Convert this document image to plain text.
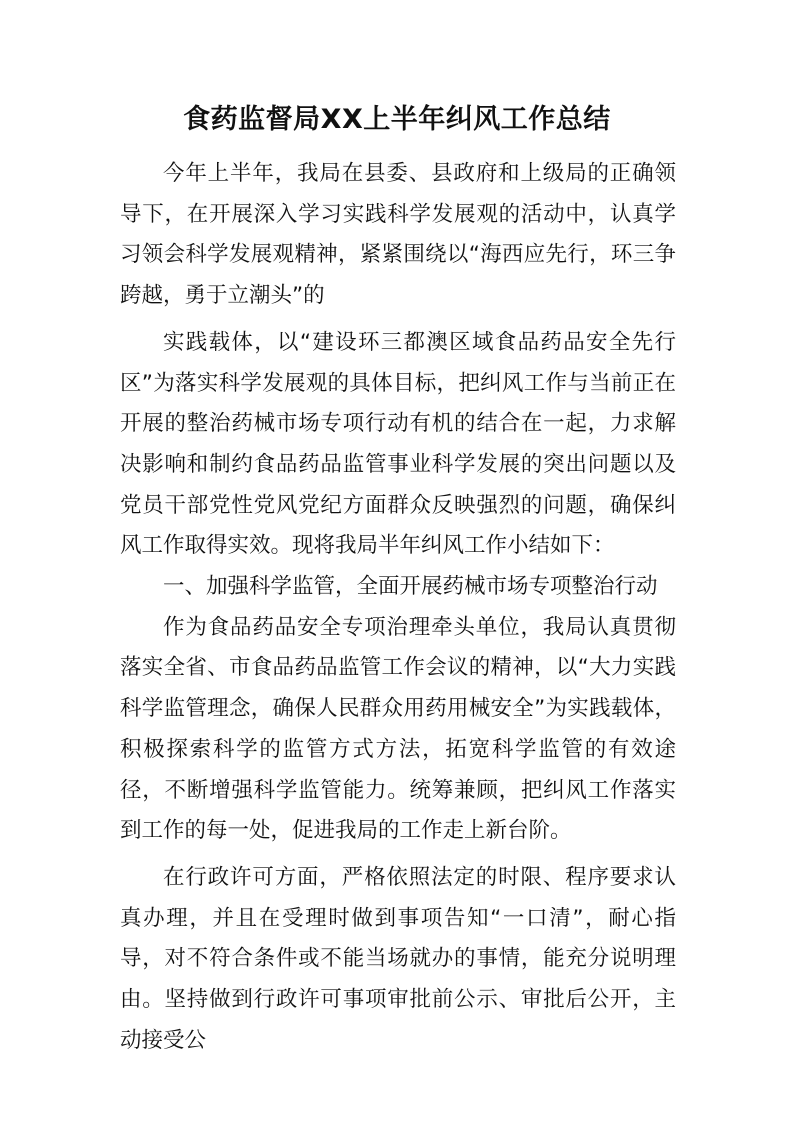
食药监督局XX上半年纠风工作总结

今年上半年，我局在县委、县政府和上级局的正确领导下，在开展深入学习实践科学发展观的活动中，认真学习领会科学发展观精神，紧紧围绕以“海西应先行，环三争跨越，勇于立潮头”的

实践载体，以“建设环三都澳区域食品药品安全先行区”为落实科学发展观的具体目标，把纠风工作与当前正在开展的整治药械市场专项行动有机的结合在一起，力求解决影响和制约食品药品监管事业科学发展的突出问题以及党员干部党性党风党纪方面群众反映强烈的问题，确保纠风工作取得实效。现将我局半年纠风工作小结如下：

一、加强科学监管，全面开展药械市场专项整治行动

作为食品药品安全专项治理牵头单位，我局认真贯彻落实全省、市食品药品监管工作会议的精神，以“大力实践科学监管理念，确保人民群众用药用械安全”为实践载体，积极探索科学的监管方式方法，拓宽科学监管的有效途径，不断增强科学监管能力。统筹兼顾，把纠风工作落实到工作的每一处，促进我局的工作走上新台阶。

在行政许可方面，严格依照法定的时限、程序要求认真办理，并且在受理时做到事项告知“一口清”，耐心指导，对不符合条件或不能当场就办的事情，能充分说明理由。坚持做到行政许可事项审批前公示、审批后公开，主动接受公
